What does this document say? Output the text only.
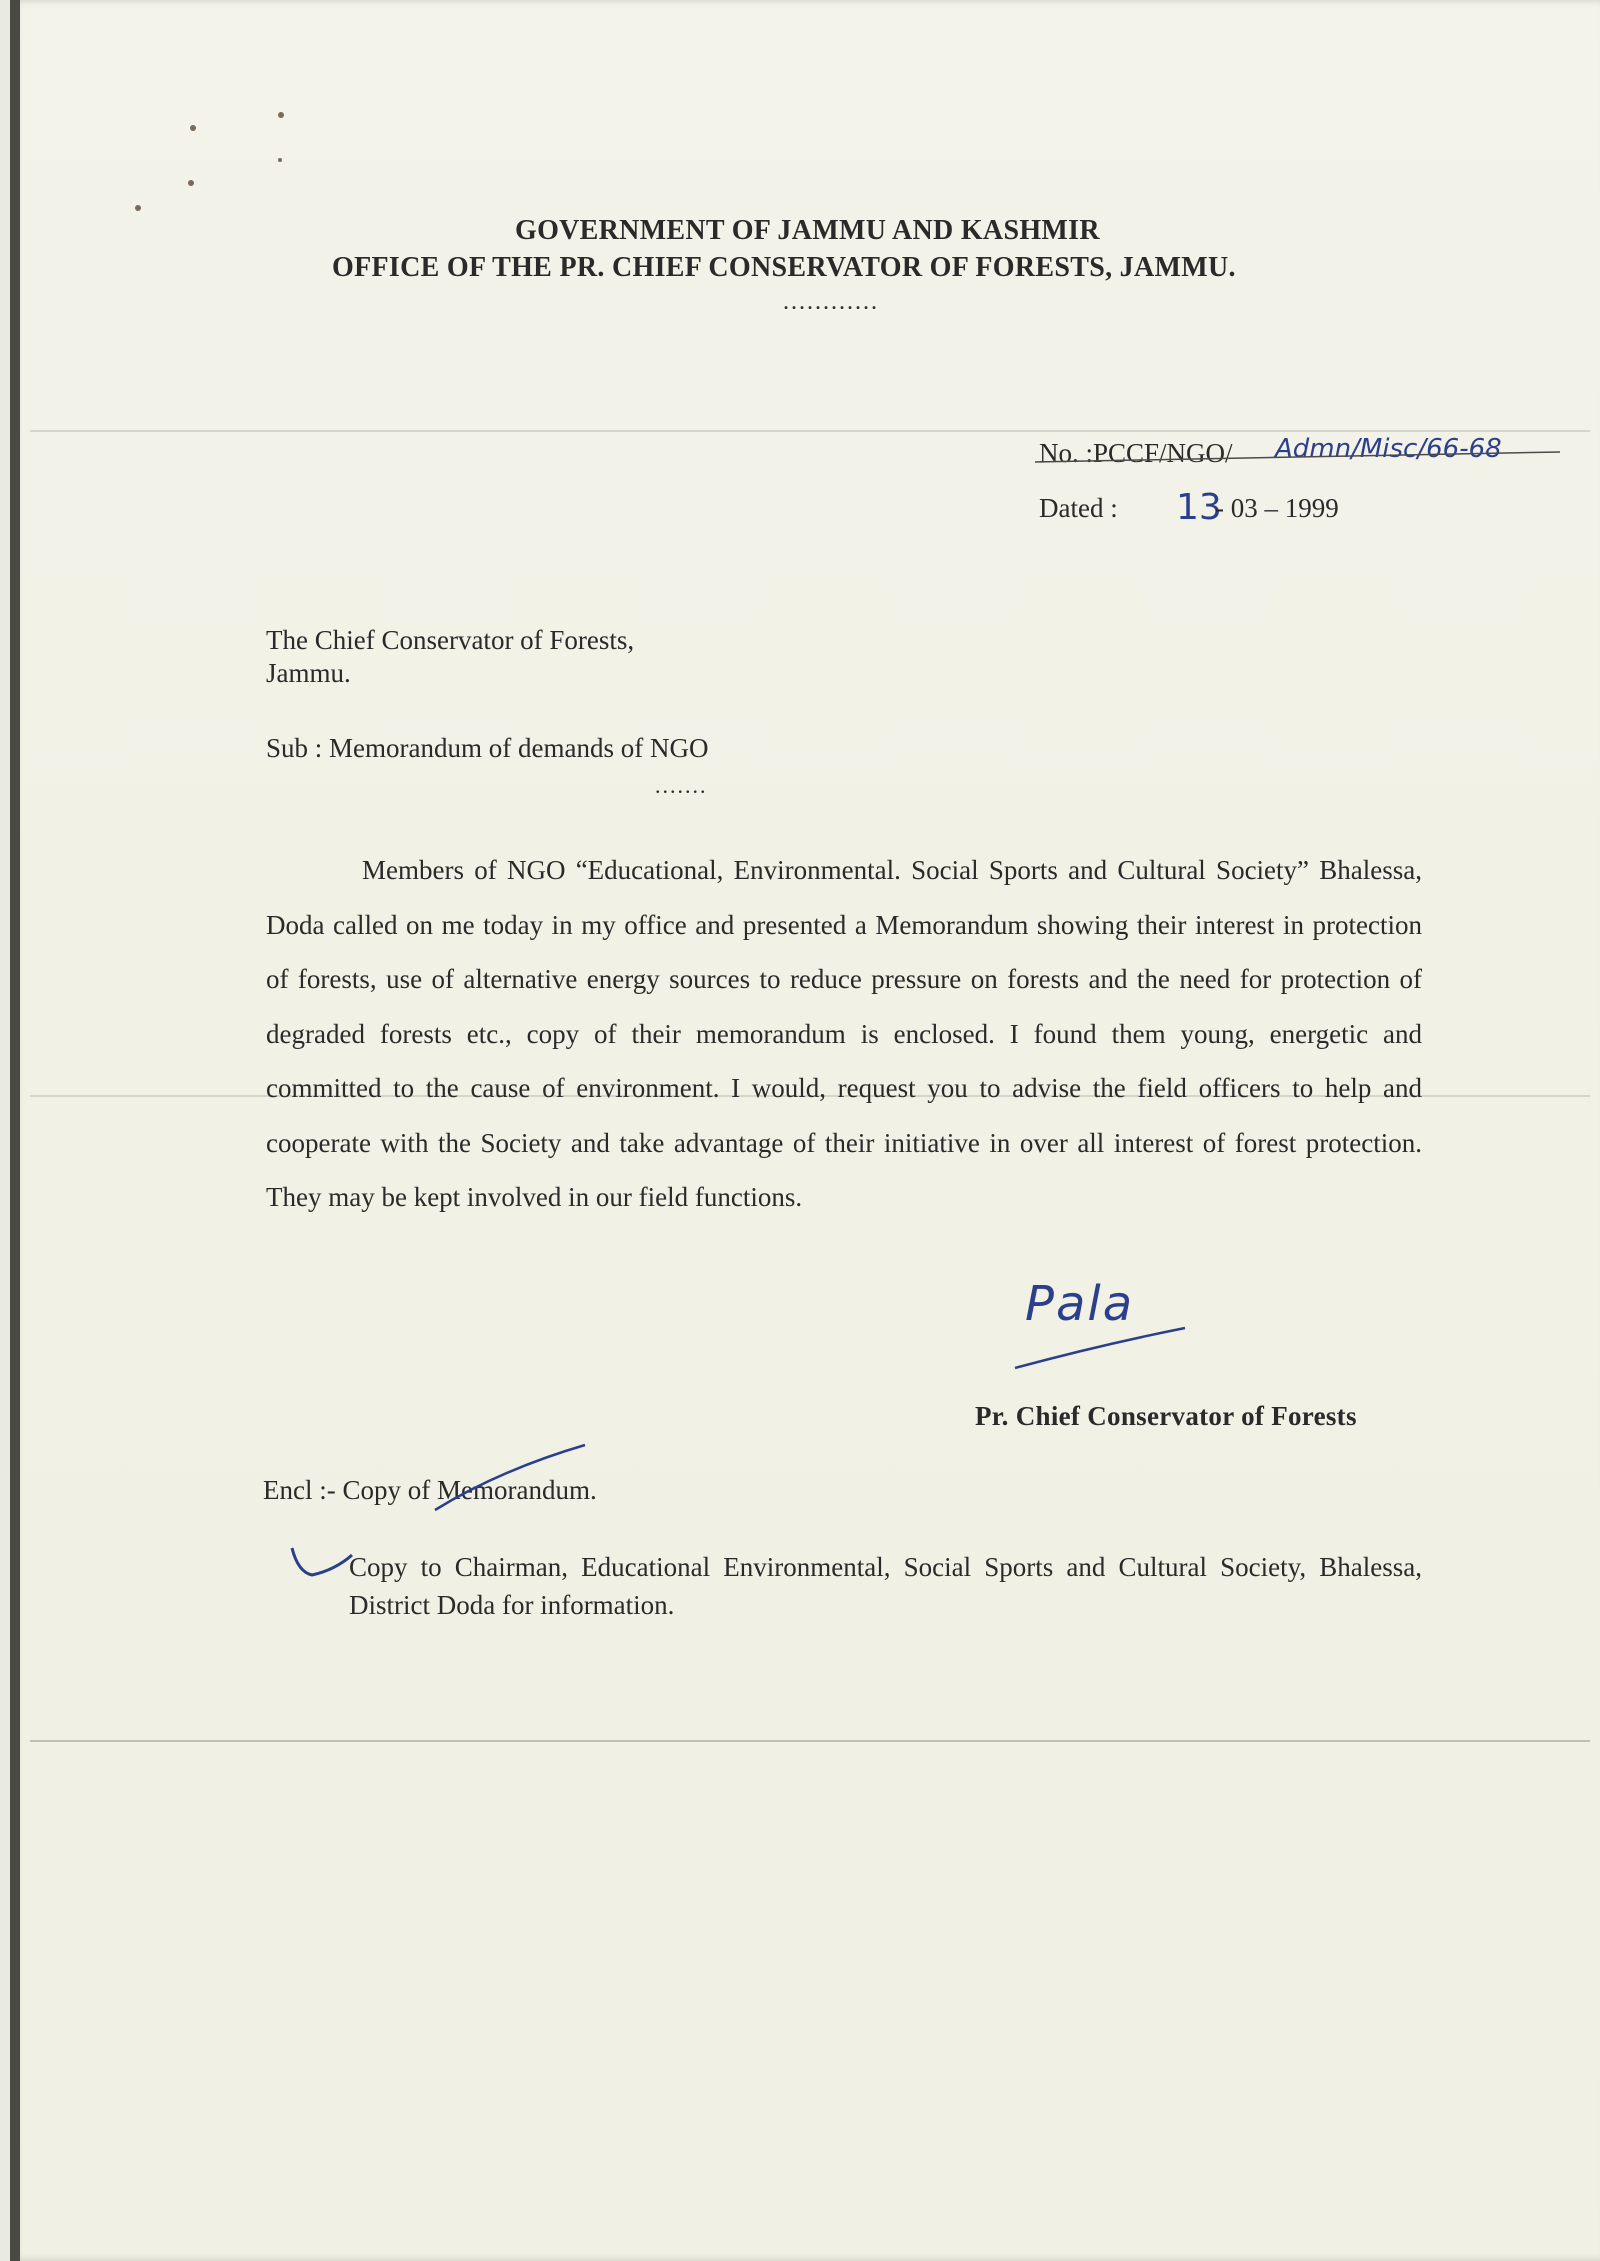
GOVERNMENT OF JAMMU AND KASHMIR
OFFICE OF THE PR. CHIEF CONSERVATOR OF FORESTS, JAMMU.
............
No. : PCCF/NGO/ Admn/Misc/66-68
Dated : 13
- 03 – 1999
The Chief Conservator of Forests,
Jammu.
Sub : Memorandum of demands of NGO
.......

Members of NGO “Educational, Environmental. Social Sports and Cultural Society” Bhalessa, Doda called on me today in my office and presented a Memorandum showing their interest in protection of forests, use of alternative energy sources to reduce pressure on forests and the need for protection of degraded forests etc., copy of their memorandum is enclosed. I found them young, energetic and committed to the cause of environment. I would, request you to advise the field officers to help and cooperate with the Society and take advantage of their initiative in over all interest of forest protection. They may be kept involved in our field functions.

Pala
Pr. Chief Conservator of Forests
Encl :- Copy of Memorandum.

Copy to Chairman, Educational Environmental, Social Sports and Cultural Society, Bhalessa, District Doda for information.
